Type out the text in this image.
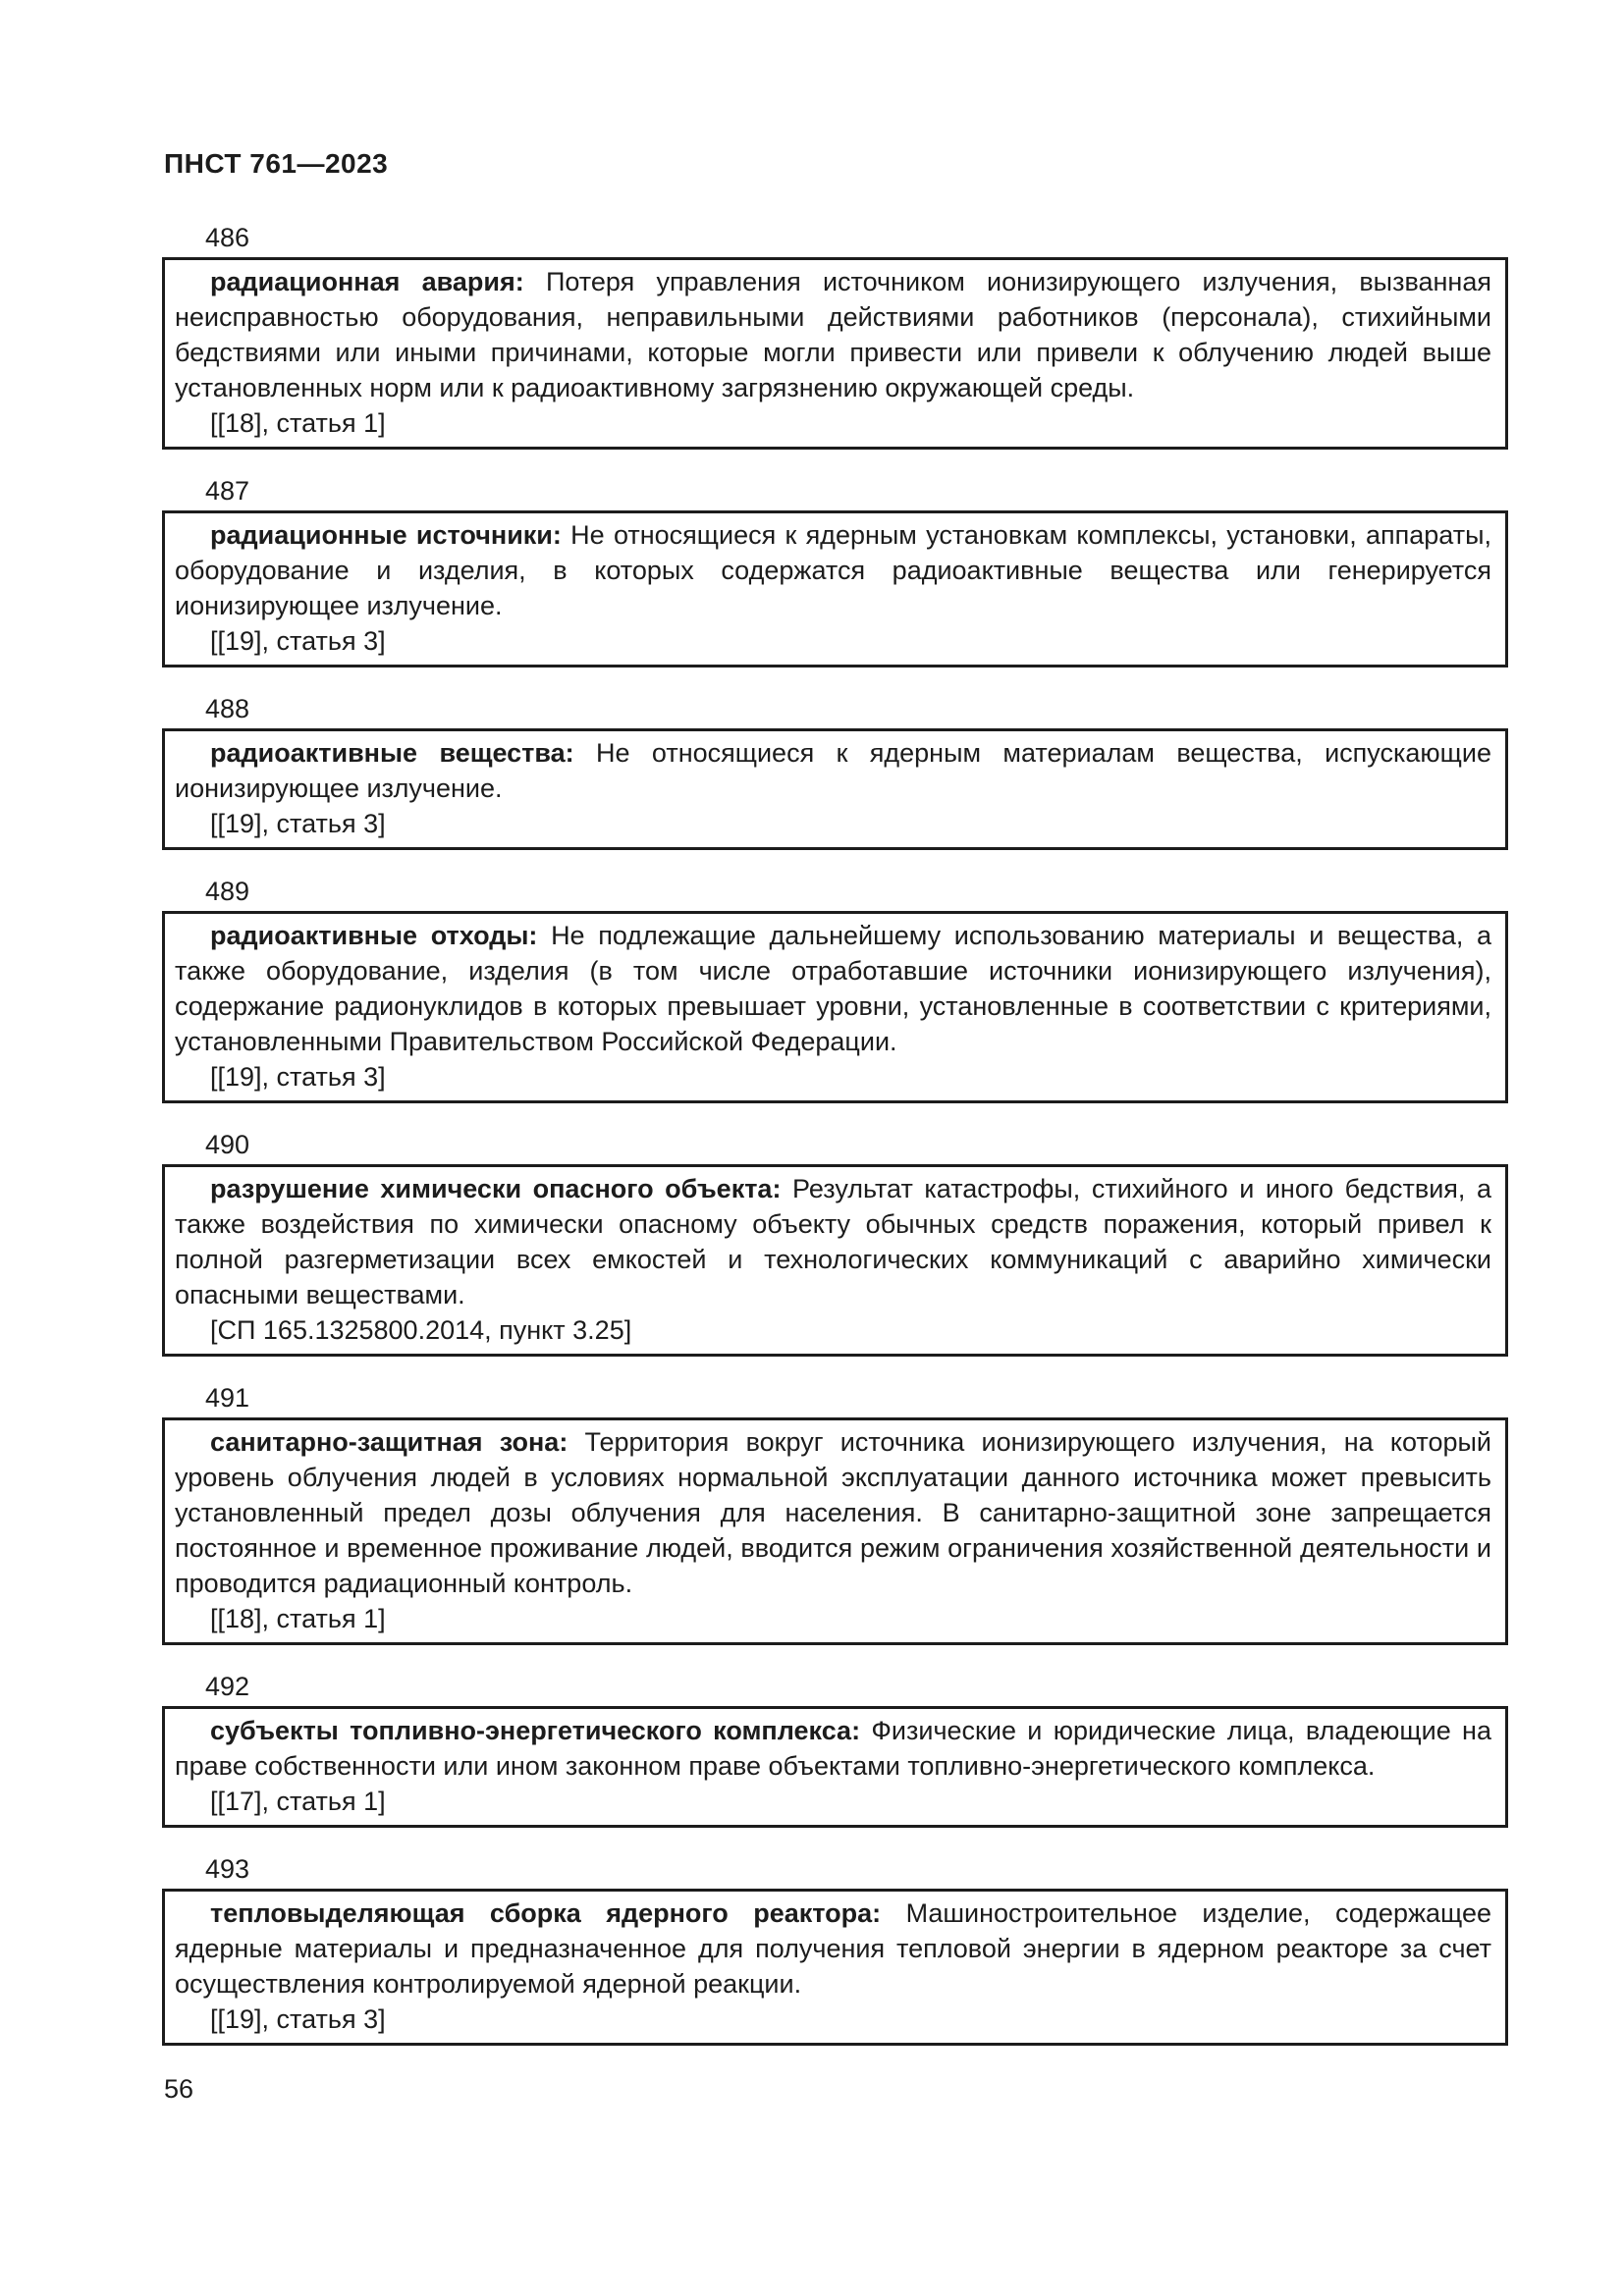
ПНСТ 761—2023
486

радиационная авария: Потеря управления источником ионизирующего излучения, вызванная неисправностью оборудования, неправильными действиями работников (персонала), стихийными бедствиями или иными причинами, которые могли привести или привели к облучению людей выше установленных норм или к радиоактивному загрязнению окружающей среды.

[[18], статья 1]
487

радиационные источники: Не относящиеся к ядерным установкам комплексы, установки, аппараты, оборудование и изделия, в которых содержатся радиоактивные вещества или генерируется ионизирующее излучение.

[[19], статья 3]
488

радиоактивные вещества: Не относящиеся к ядерным материалам вещества, испускающие ионизирующее излучение.

[[19], статья 3]
489

радиоактивные отходы: Не подлежащие дальнейшему использованию материалы и вещества, а также оборудование, изделия (в том числе отработавшие источники ионизирующего излучения), содержание радионуклидов в которых превышает уровни, установленные в соответствии с критериями, установленными Правительством Российской Федерации.

[[19], статья 3]
490

разрушение химически опасного объекта: Результат катастрофы, стихийного и иного бедствия, а также воздействия по химически опасному объекту обычных средств поражения, который привел к полной разгерметизации всех емкостей и технологических коммуникаций с аварийно химически опасными веществами.

[СП 165.1325800.2014, пункт 3.25]
491

санитарно-защитная зона: Территория вокруг источника ионизирующего излучения, на который уровень облучения людей в условиях нормальной эксплуатации данного источника может превысить установленный предел дозы облучения для населения. В санитарно-защитной зоне запрещается постоянное и временное проживание людей, вводится режим ограничения хозяйственной деятельности и проводится радиационный контроль.

[[18], статья 1]
492

субъекты топливно-энергетического комплекса: Физические и юридические лица, владеющие на праве собственности или ином законном праве объектами топливно-энергетического комплекса.

[[17], статья 1]
493

тепловыделяющая сборка ядерного реактора: Машиностроительное изделие, содержащее ядерные материалы и предназначенное для получения тепловой энергии в ядерном реакторе за счет осуществления контролируемой ядерной реакции.

[[19], статья 3]
56
